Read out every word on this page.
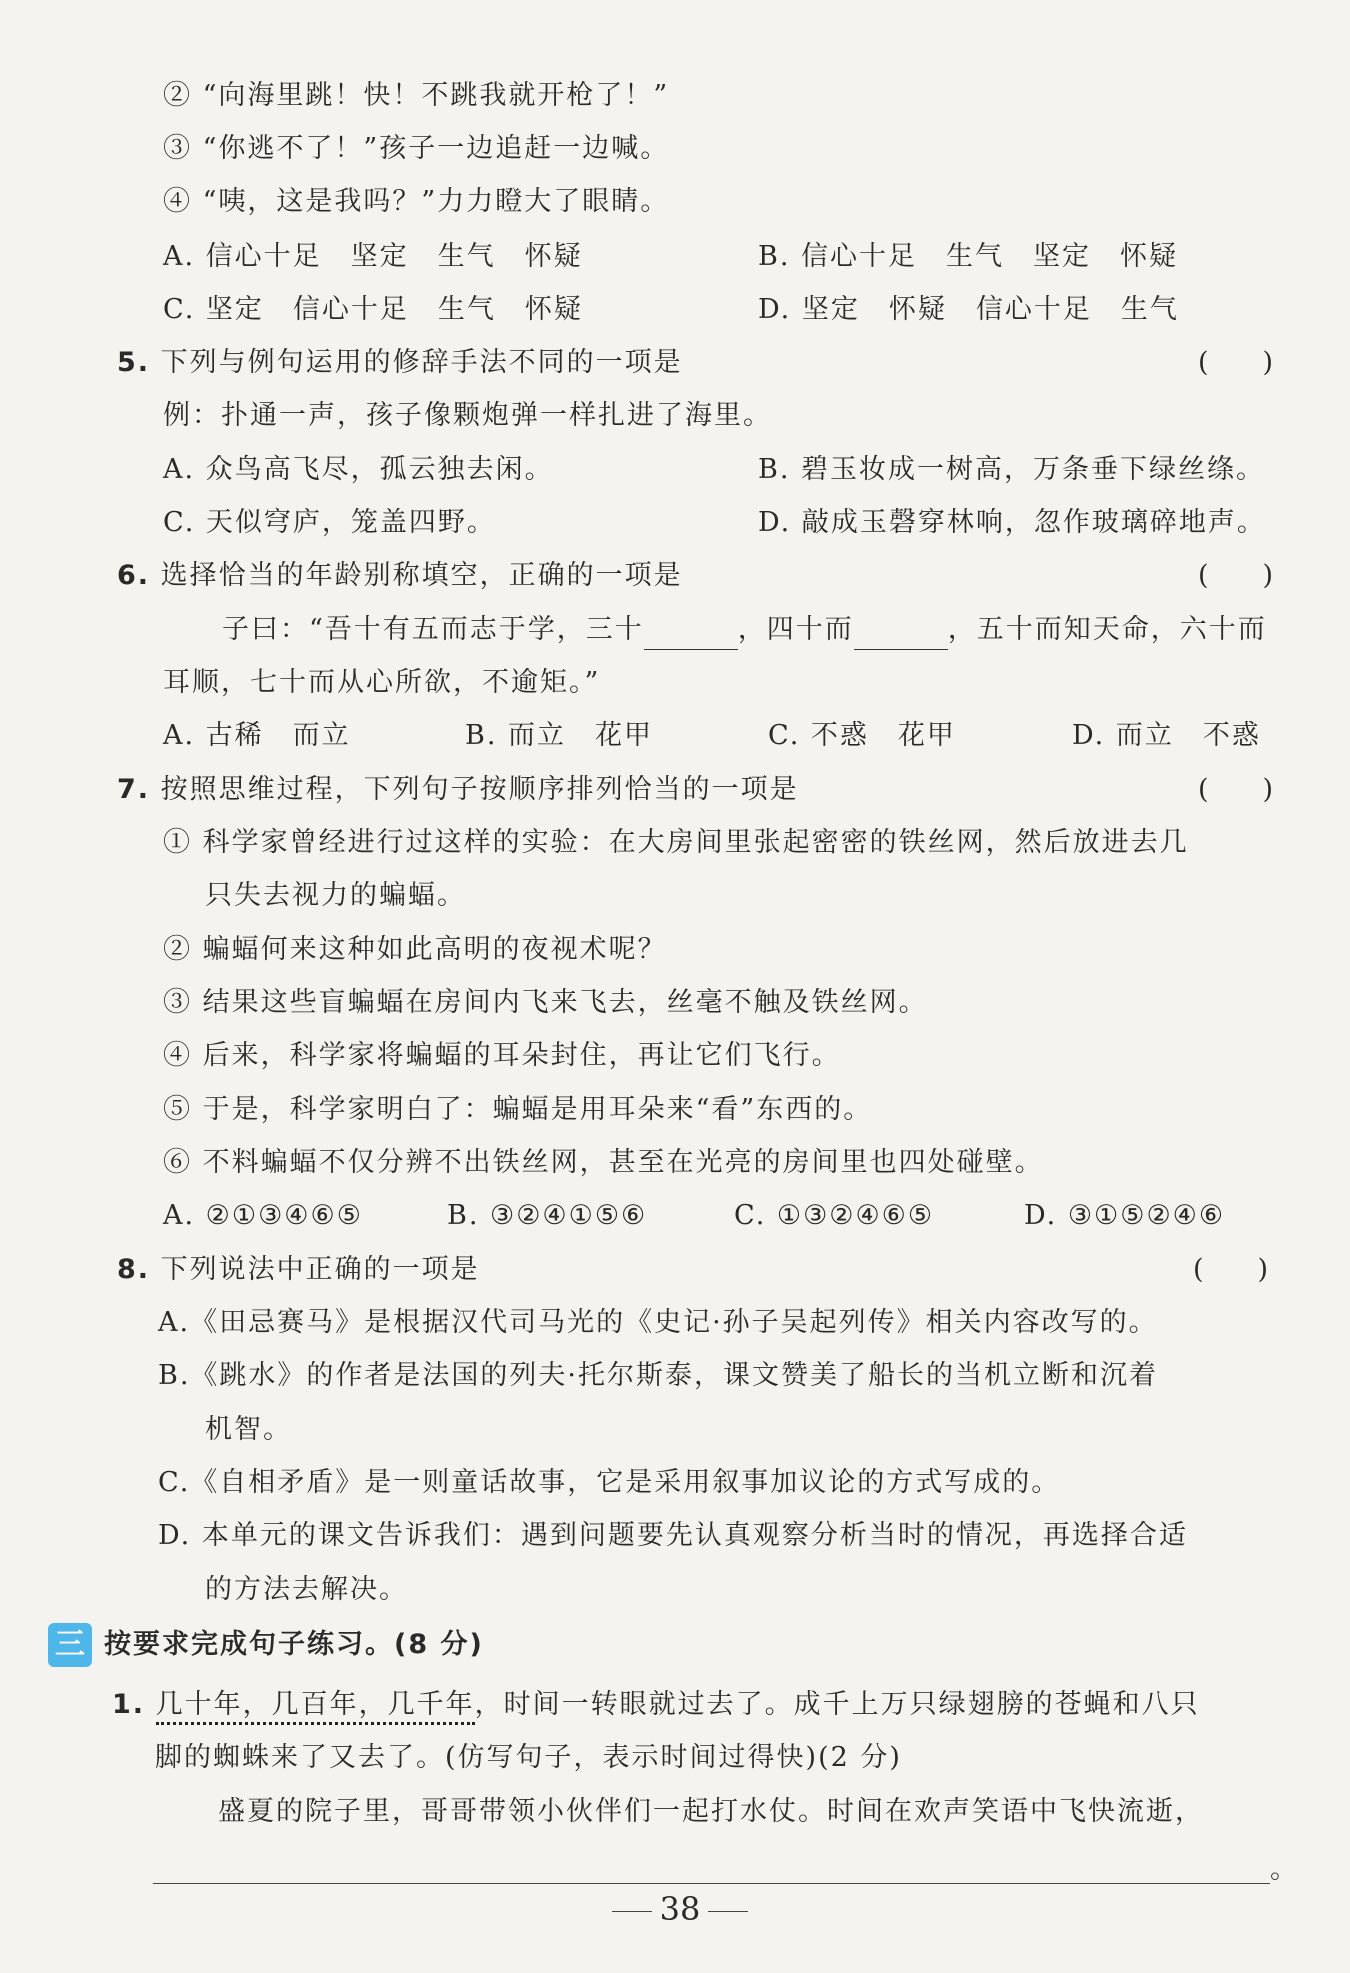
② “向海里跳！快！不跳我就开枪了！”
③ “你逃不了！”孩子一边追赶一边喊。
④ “咦，这是我吗？”力力瞪大了眼睛。
A. 信心十足　坚定　生气　怀疑	B. 信心十足　生气　坚定　怀疑
C. 坚定　信心十足　生气　怀疑	D. 坚定　怀疑　信心十足　生气
5. 下列与例句运用的修辞手法不同的一项是	(　　)
例：扑通一声，孩子像颗炮弹一样扎进了海里。
A. 众鸟高飞尽，孤云独去闲。	B. 碧玉妆成一树高，万条垂下绿丝绦。
C. 天似穹庐，笼盖四野。	D. 敲成玉磬穿林响，忽作玻璃碎地声。
6. 选择恰当的年龄别称填空，正确的一项是	(　　)
子曰：“吾十有五而志于学，三十	，四十而	，五十而知天命，六十而
耳顺，七十而从心所欲，不逾矩。”
A. 古稀　而立	B. 而立　花甲	C. 不惑　花甲	D. 而立　不惑
7. 按照思维过程，下列句子按顺序排列恰当的一项是	(　　)
① 科学家曾经进行过这样的实验：在大房间里张起密密的铁丝网，然后放进去几
只失去视力的蝙蝠。
② 蝙蝠何来这种如此高明的夜视术呢？
③ 结果这些盲蝙蝠在房间内飞来飞去，丝毫不触及铁丝网。
④ 后来，科学家将蝙蝠的耳朵封住，再让它们飞行。
⑤ 于是，科学家明白了：蝙蝠是用耳朵来“看”东西的。
⑥ 不料蝙蝠不仅分辨不出铁丝网，甚至在光亮的房间里也四处碰壁。
A. ②①③④⑥⑤	B. ③②④①⑤⑥	C. ①③②④⑥⑤	D. ③①⑤②④⑥
8. 下列说法中正确的一项是	(　　)
A.《田忌赛马》是根据汉代司马光的《史记·孙子吴起列传》相关内容改写的。
B.《跳水》的作者是法国的列夫·托尔斯泰，课文赞美了船长的当机立断和沉着
机智。
C.《自相矛盾》是一则童话故事，它是采用叙事加议论的方式写成的。
D. 本单元的课文告诉我们：遇到问题要先认真观察分析当时的情况，再选择合适
的方法去解决。
三 按要求完成句子练习。(8 分)
1. 几十年，几百年，几千年，时间一转眼就过去了。成千上万只绿翅膀的苍蝇和八只
脚的蜘蛛来了又去了。(仿写句子，表示时间过得快)(2 分)
盛夏的院子里，哥哥带领小伙伴们一起打水仗。时间在欢声笑语中飞快流逝，
。
38
